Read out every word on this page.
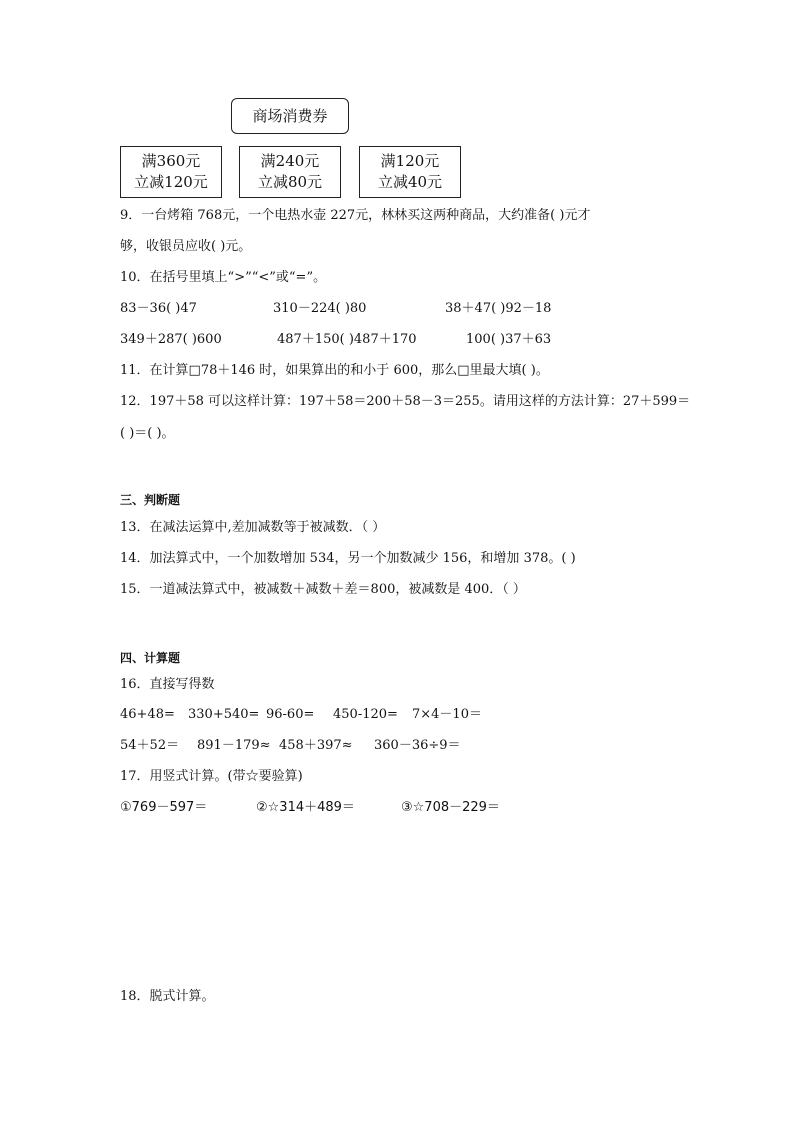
商场消费券
满360元
立减120元
满240元
立减80元
满120元
立减40元
9．一台烤箱 768元，一个电热水壶 227元，林林买这两种商品，大约准备( )元才
够，收银员应收( )元。
10．在括号里填上“>”“<”或“=”。
83－36( )47	310－224( )80	38＋47( )92－18
349＋287( )600	487＋150( )487＋170	100( )37＋63
11．在计算□78＋146 时，如果算出的和小于 600，那么□里最大填( )。
12．197＋58 可以这样计算：197＋58＝200＋58－3＝255。请用这样的方法计算：27＋599＝
( )＝( )。
三、判断题
13．在减法运算中,差加减数等于被减数．（ ）
14．加法算式中，一个加数增加 534，另一个加数减少 156，和增加 378。( )
15．一道减法算式中，被减数＋减数＋差＝800，被减数是 400．（ ）
四、计算题
16．直接写得数
46+48= 330+540= 96-60= 450-120= 7×4－10＝
54＋52＝ 891－179≈ 458＋397≈ 360－36÷9＝
17．用竖式计算。(带☆要验算)
①769－597＝	②☆314＋489＝	③☆708－229＝
18．脱式计算。
